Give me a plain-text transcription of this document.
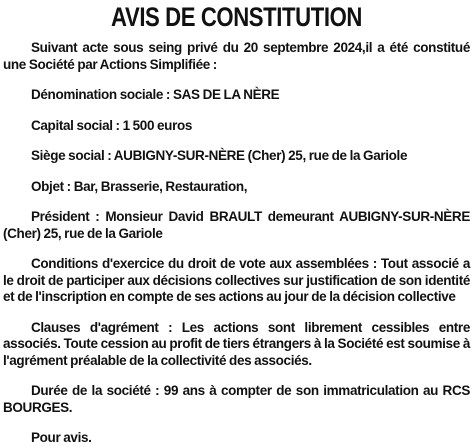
AVIS DE CONSTITUTION

Suivant acte sous seing privé du 20 septembre 2024,il a été constitué une Société par Actions Simplifiée :

Dénomination sociale : SAS DE LA NÈRE

Capital social : 1 500 euros

Siège social : AUBIGNY-SUR-NÈRE (Cher) 25, rue de la Gariole

Objet : Bar, Brasserie, Restauration,

Président : Monsieur David BRAULT demeurant AUBIGNY-SUR-NÈRE (Cher) 25, rue de la Gariole

Conditions d'exercice du droit de vote aux assemblées : Tout associé a le droit de participer aux décisions collectives sur justification de son identité et de l'inscription en compte de ses actions au jour de la décision collective

Clauses d'agrément : Les actions sont librement cessibles entre associés. Toute cession au profit de tiers étrangers à la Société est soumise à l'agrément préalable de la collectivité des associés.

Durée de la société : 99 ans à compter de son immatriculation au RCS BOURGES.

Pour avis.
